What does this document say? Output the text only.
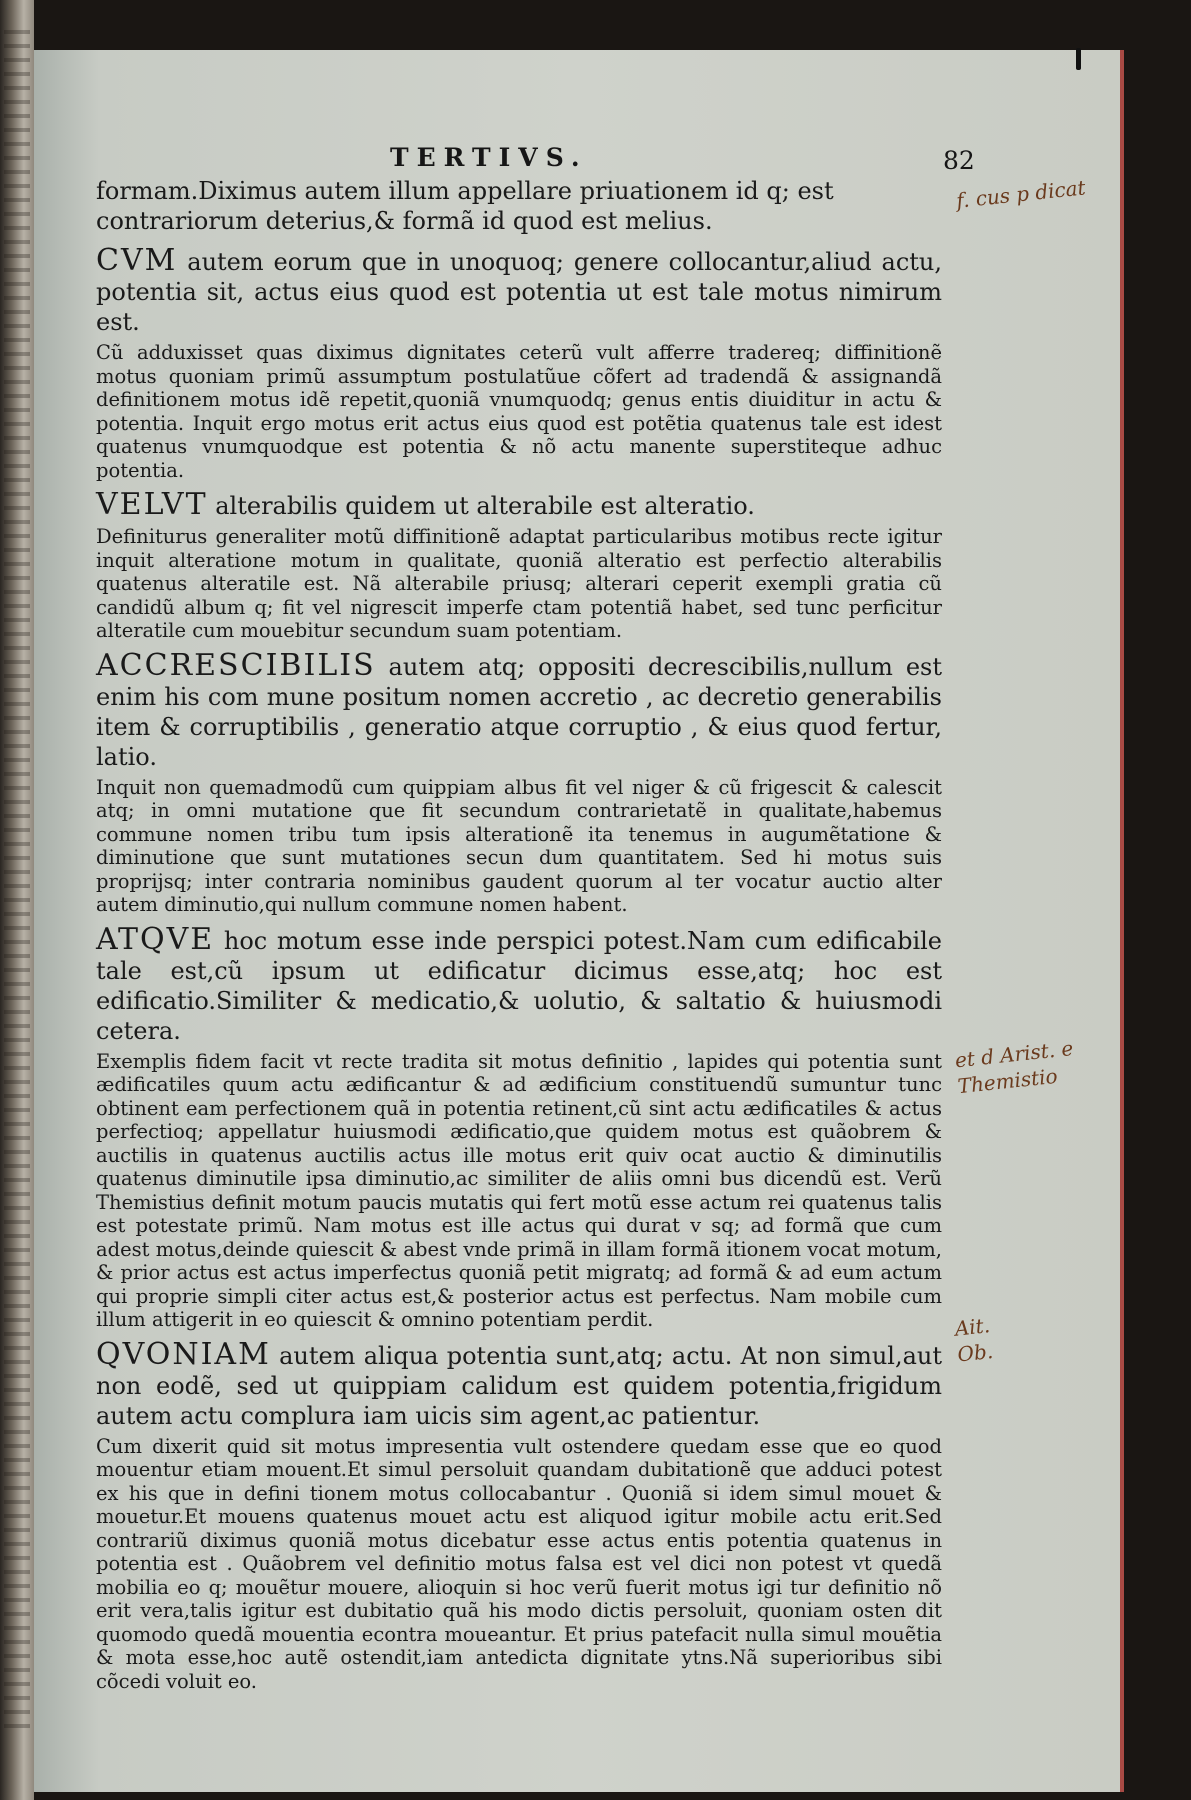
TERTIVS.	82

formam.Diximus autem illum appellare priuationem id q; est contrariorum deterius,& formã id quod est melius.

CVM autem eorum que in unoquoq; genere collocantur,aliud actu, potentia sit, actus eius quod est potentia ut est tale motus nimirum est.

Cũ adduxisset quas diximus dignitates ceterũ vult afferre tradereq; diffinitionẽ motus quoniam primũ assumptum postulatũue cõfert ad tradendã & assignandã definitionem motus idẽ repetit,quoniã vnumquodq; genus entis diuiditur in actu & potentia. Inquit ergo motus erit actus eius quod est potẽtia quatenus tale est idest quatenus vnumquodque est potentia & nõ actu manente superstiteque adhuc potentia.

VELVT alterabilis quidem ut alterabile est alteratio.

Definiturus generaliter motũ diffinitionẽ adaptat particularibus motibus recte igitur inquit alteratione motum in qualitate, quoniã alteratio est perfectio alterabilis quatenus alteratile est. Nã alterabile priusq; alterari ceperit exempli gratia cũ candidũ album q; fit vel nigrescit imperfe ctam potentiã habet, sed tunc perficitur alteratile cum mouebitur secundum suam potentiam.

ACCRESCIBILIS autem atq; oppositi decrescibilis,nullum est enim his com mune positum nomen accretio , ac decretio generabilis item & corruptibilis , generatio atque corruptio , & eius quod fertur, latio.

Inquit non quemadmodũ cum quippiam albus fit vel niger & cũ frigescit & calescit atq; in omni mutatione que fit secundum contrarietatẽ in qualitate,habemus commune nomen tribu tum ipsis alterationẽ ita tenemus in augumẽtatione & diminutione que sunt mutationes secun dum quantitatem. Sed hi motus suis proprijsq; inter contraria nominibus gaudent quorum al ter vocatur auctio alter autem diminutio,qui nullum commune nomen habent.

ATQVE hoc motum esse inde perspici potest.Nam cum edificabile tale est,cũ ipsum ut edificatur dicimus esse,atq; hoc est edificatio.Similiter & medicatio,& uolutio, & saltatio & huiusmodi cetera.

Exemplis fidem facit vt recte tradita sit motus definitio , lapides qui potentia sunt ædificatiles quum actu ædificantur & ad ædificium constituendũ sumuntur tunc obtinent eam perfectionem quã in potentia retinent,cũ sint actu ædificatiles & actus perfectioq; appellatur huiusmodi ædificatio,que quidem motus est quãobrem & auctilis in quatenus auctilis actus ille motus erit quiv ocat auctio & diminutilis quatenus diminutile ipsa diminutio,ac similiter de aliis omni bus dicendũ est. Verũ Themistius definit motum paucis mutatis qui fert motũ esse actum rei quatenus talis est potestate primũ. Nam motus est ille actus qui durat v sq; ad formã que cum adest motus,deinde quiescit & abest vnde primã in illam formã itionem vocat motum, & prior actus est actus imperfectus quoniã petit migratq; ad formã & ad eum actum qui proprie simpli citer actus est,& posterior actus est perfectus. Nam mobile cum illum attigerit in eo quiescit & omnino potentiam perdit.

QVONIAM autem aliqua potentia sunt,atq; actu. At non simul,aut non eodẽ, sed ut quippiam calidum est quidem potentia,frigidum autem actu complura iam uicis sim agent,ac patientur.

Cum dixerit quid sit motus impresentia vult ostendere quedam esse que eo quod mouentur etiam mouent.Et simul persoluit quandam dubitationẽ que adduci potest ex his que in defini tionem motus collocabantur . Quoniã si idem simul mouet & mouetur.Et mouens quatenus mouet actu est aliquod igitur mobile actu erit.Sed contrariũ diximus quoniã motus dicebatur esse actus entis potentia quatenus in potentia est . Quãobrem vel definitio motus falsa est vel dici non potest vt quedã mobilia eo q; mouẽtur mouere, alioquin si hoc verũ fuerit motus igi tur definitio nõ erit vera,talis igitur est dubitatio quã his modo dictis persoluit, quoniam osten dit quomodo quedã mouentia econtra moueantur. Et prius patefacit nulla simul mouẽtia & mota esse,hoc autẽ ostendit,iam antedicta dignitate ytns.Nã superioribus sibi cõcedi voluit eo.

f. cus p dicat
et d Arist. e Themistio
Ait. Ob.
